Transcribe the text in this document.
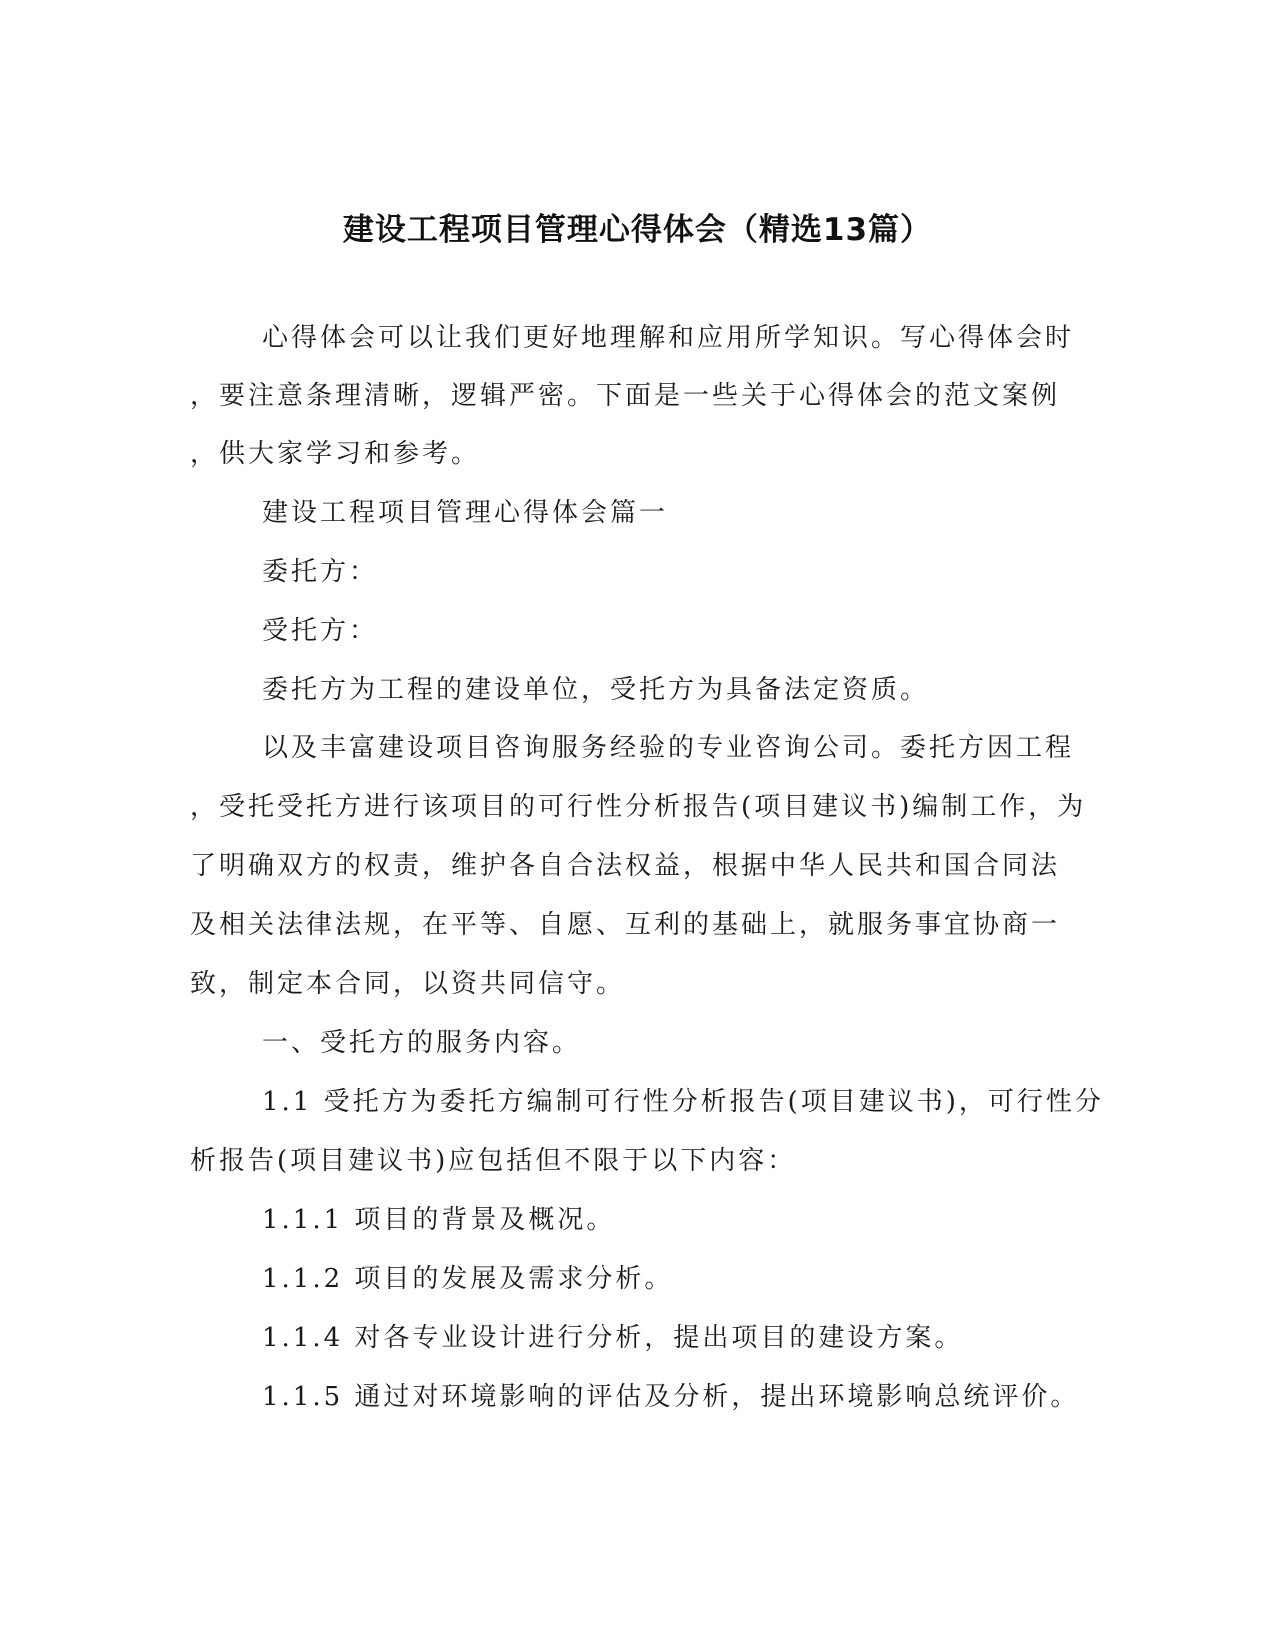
建设工程项目管理心得体会（精选13篇）

心得体会可以让我们更好地理解和应用所学知识。写心得体会时

，要注意条理清晰，逻辑严密。下面是一些关于心得体会的范文案例

，供大家学习和参考。

建设工程项目管理心得体会篇一

委托方：

受托方：

委托方为工程的建设单位，受托方为具备法定资质。

以及丰富建设项目咨询服务经验的专业咨询公司。委托方因工程

，受托受托方进行该项目的可行性分析报告(项目建议书)编制工作，为

了明确双方的权责，维护各自合法权益，根据中华人民共和国合同法

及相关法律法规，在平等、自愿、互利的基础上，就服务事宜协商一

致，制定本合同，以资共同信守。

一、受托方的服务内容。

1.1 受托方为委托方编制可行性分析报告(项目建议书)，可行性分

析报告(项目建议书)应包括但不限于以下内容：

1.1.1 项目的背景及概况。

1.1.2 项目的发展及需求分析。

1.1.4 对各专业设计进行分析，提出项目的建设方案。

1.1.5 通过对环境影响的评估及分析，提出环境影响总统评价。
